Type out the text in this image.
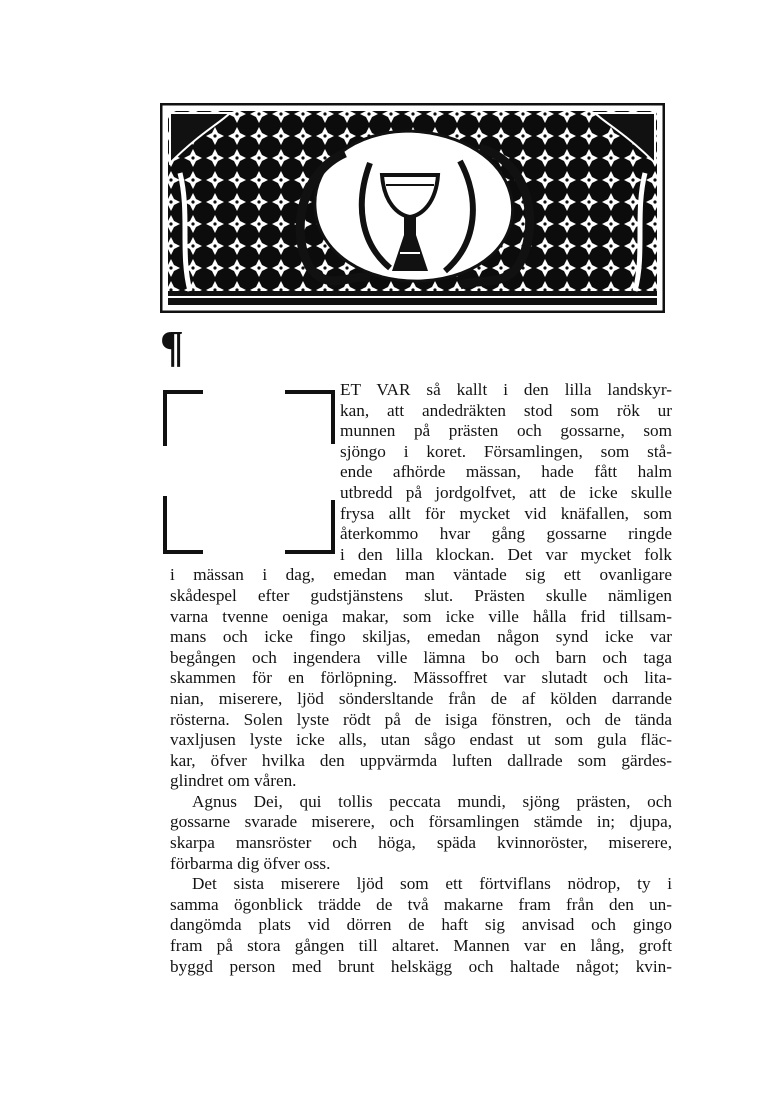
¶
ET VAR så kallt i den lilla landskyr-
kan, att andedräkten stod som rök ur
munnen på prästen och gossarne, som
sjöngo i koret. Församlingen, som stå-
ende afhörde mässan, hade fått halm
utbredd på jordgolfvet, att de icke skulle
frysa allt för mycket vid knäfallen, som
återkommo hvar gång gossarne ringde
i den lilla klockan. Det var mycket folk
i mässan i dag, emedan man väntade sig ett ovanligare
skådespel efter gudstjänstens slut. Prästen skulle nämligen
varna tvenne oeniga makar, som icke ville hålla frid tillsam-
mans och icke fingo skiljas, emedan någon synd icke var
begången och ingendera ville lämna bo och barn och taga
skammen för en förlöpning. Mässoffret var slutadt och lita-
nian, miserere, ljöd söndersltande från de af kölden darrande
rösterna. Solen lyste rödt på de isiga fönstren, och de tända
vaxljusen lyste icke alls, utan sågo endast ut som gula fläc-
kar, öfver hvilka den uppvärmda luften dallrade som gärdes-
glindret om våren.
Agnus Dei, qui tollis peccata mundi, sjöng prästen, och
gossarne svarade miserere, och församlingen stämde in; djupa,
skarpa mansröster och höga, späda kvinnoröster, miserere,
förbarma dig öfver oss.
Det sista miserere ljöd som ett förtviflans nödrop, ty i
samma ögonblick trädde de två makarne fram från den un-
dangömda plats vid dörren de haft sig anvisad och gingo
fram på stora gången till altaret. Mannen var en lång, groft
byggd person med brunt helskägg och haltade något; kvin-
